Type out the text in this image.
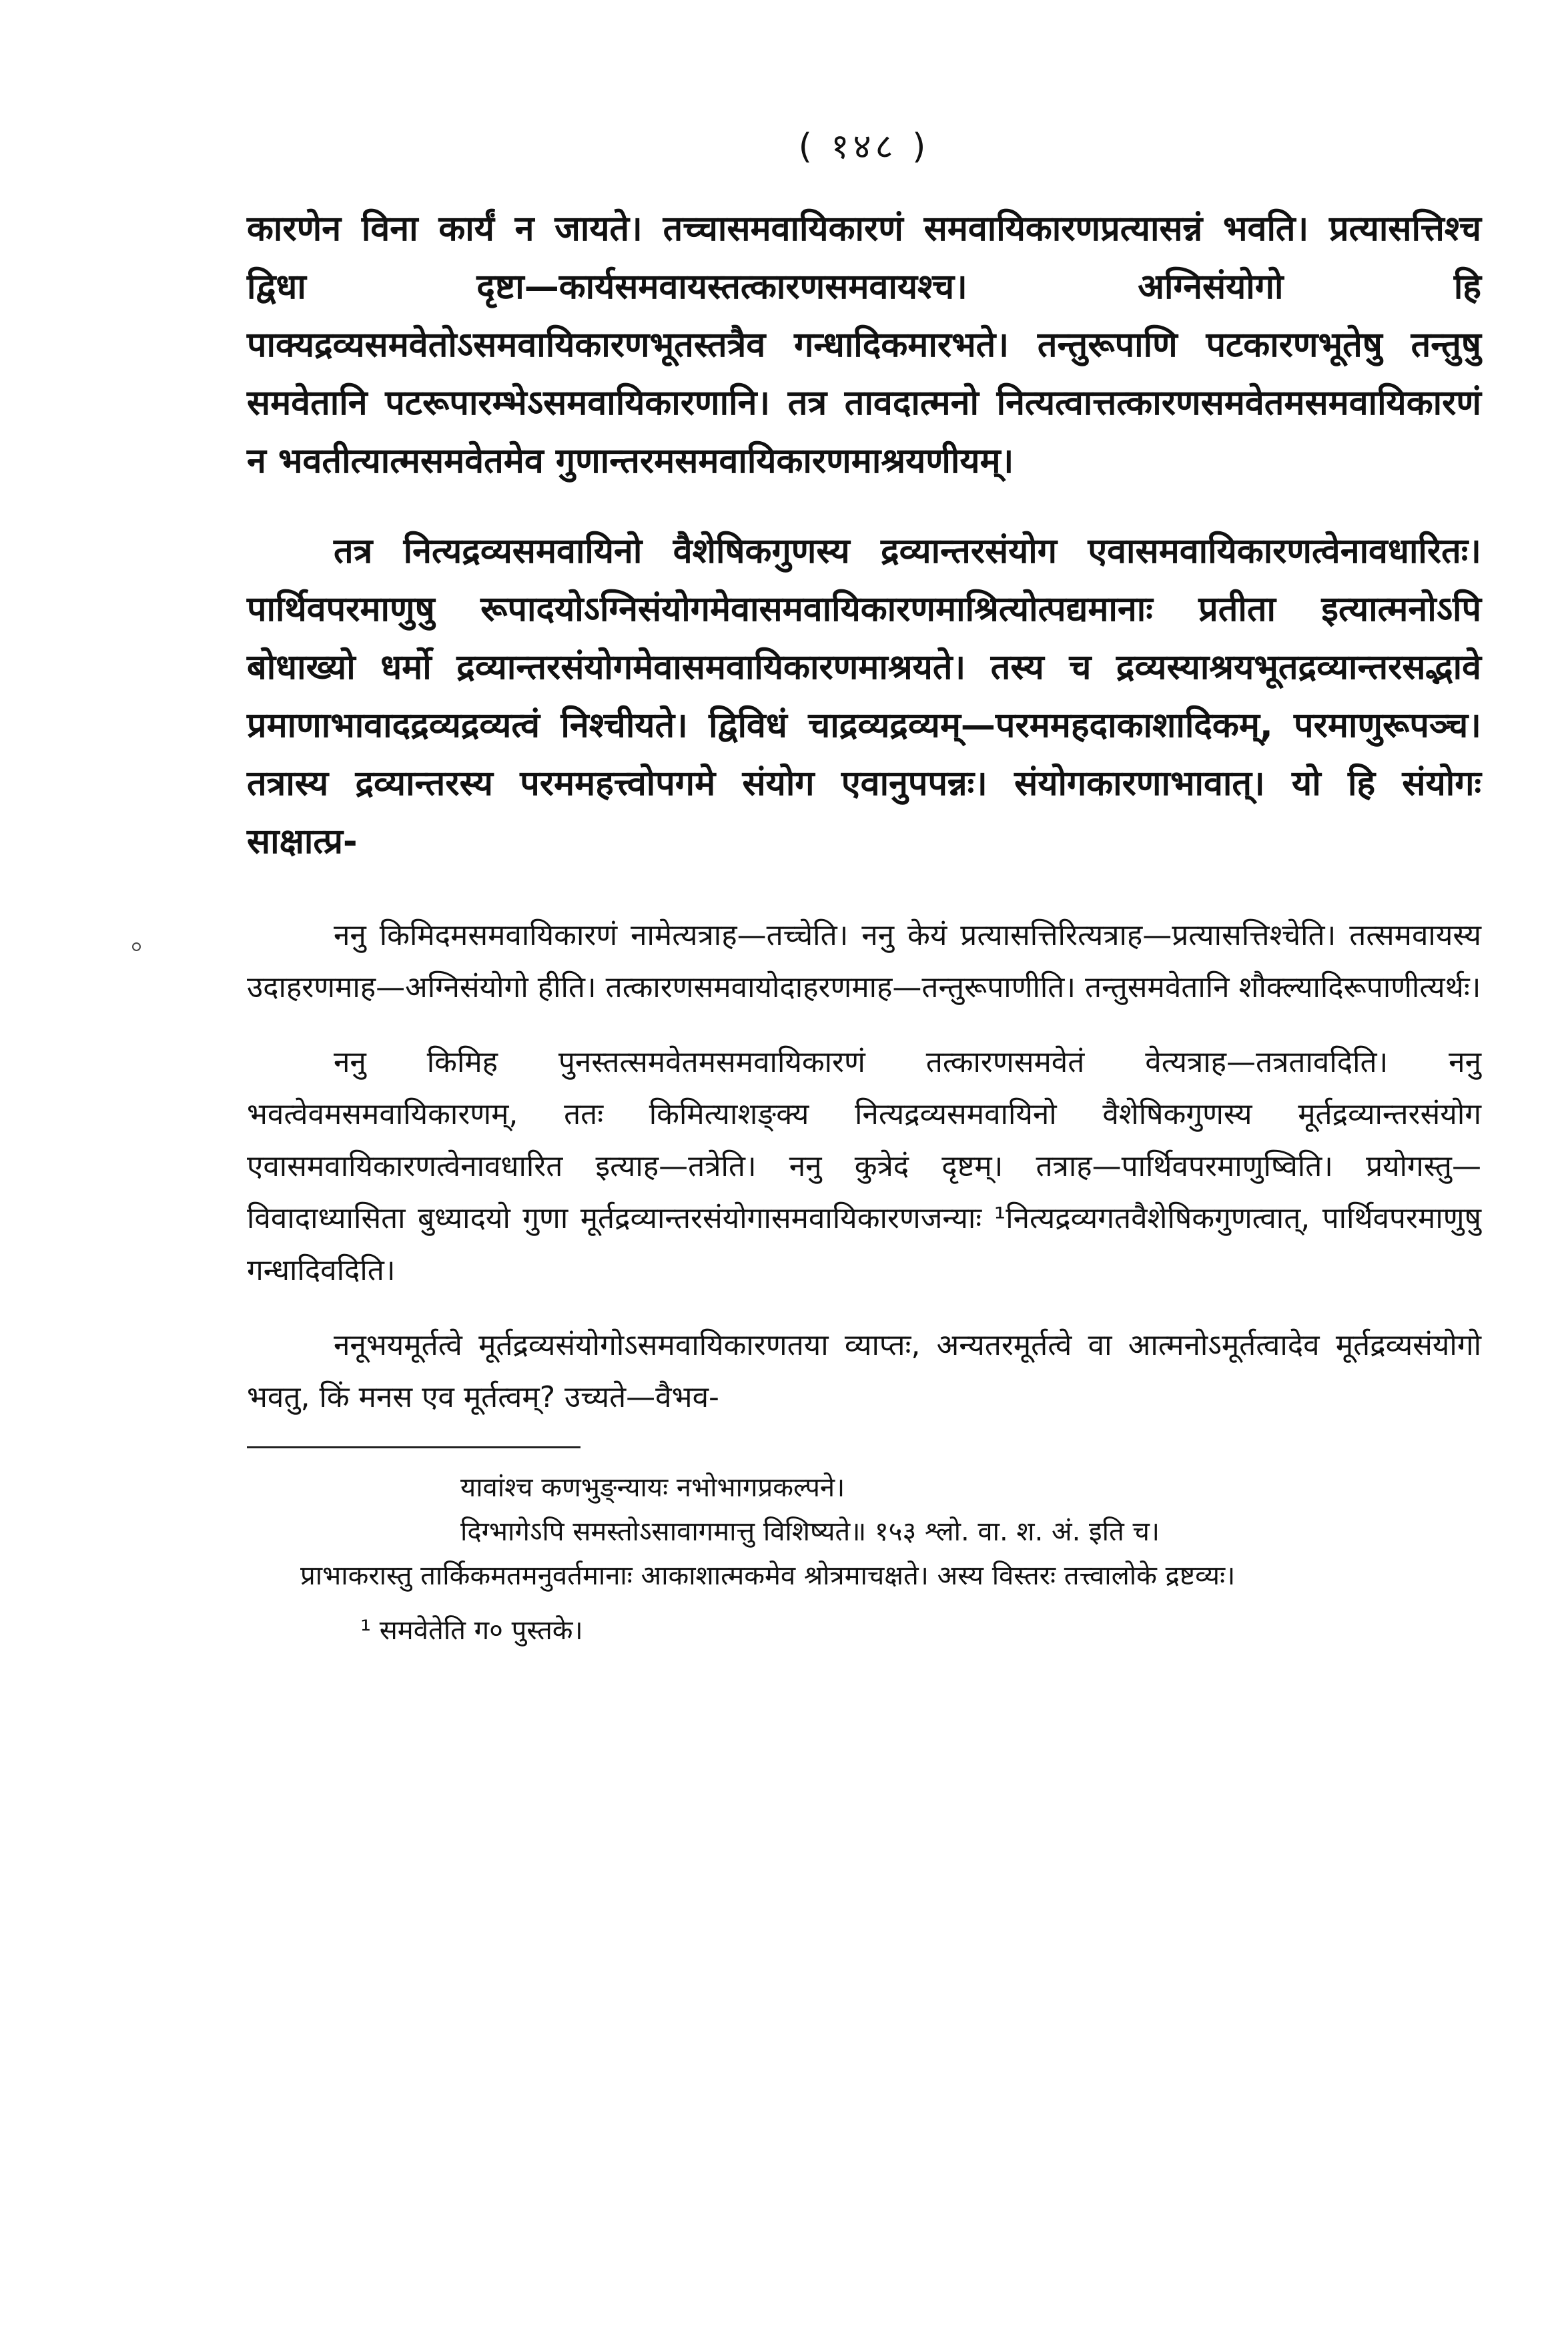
( १४८ )

कारणेन विना कार्यं न जायते। तच्चासमवायिकारणं समवायिकारणप्रत्यासन्नं भवति। प्रत्यासत्तिश्च द्विधा दृष्टा—कार्यसमवायस्तत्कारणसमवायश्च। अग्निसंयोगो हि पाक्यद्रव्यसमवेतोऽसमवायिकारणभूतस्तत्रैव गन्धादिकमारभते। तन्तुरूपाणि पटकारणभूतेषु तन्तुषु समवेतानि पटरूपारम्भेऽसमवायिकारणानि। तत्र तावदात्मनो नित्यत्वात्तत्कारणसमवेतमसमवायिकारणं न भवतीत्यात्मसमवेतमेव गुणान्तरमसमवायिकारणमाश्रयणीयम्।

तत्र नित्यद्रव्यसमवायिनो वैशेषिकगुणस्य द्रव्यान्तरसंयोग एवासमवायिकारणत्वेनावधारितः। पार्थिवपरमाणुषु रूपादयोऽग्निसंयोगमेवासमवायिकारणमाश्रित्योत्पद्यमानाः प्रतीता इत्यात्मनोऽपि बोधाख्यो धर्मो द्रव्यान्तरसंयोगमेवासमवायिकारणमाश्रयते। तस्य च द्रव्यस्याश्रयभूतद्रव्यान्तरसद्भावे प्रमाणाभावादद्रव्यद्रव्यत्वं निश्चीयते। द्विविधं चाद्रव्यद्रव्यम्—परममहदाकाशादिकम्, परमाणुरूपञ्च। तत्रास्य द्रव्यान्तरस्य परममहत्त्वोपगमे संयोग एवानुपपन्नः। संयोगकारणाभावात्। यो हि संयोगः साक्षात्प्र-

ननु किमिदमसमवायिकारणं नामेत्यत्राह—तच्चेति। ननु केयं प्रत्यासत्तिरित्यत्राह—प्रत्यासत्तिश्चेति। तत्समवायस्य उदाहरणमाह—अग्निसंयोगो हीति। तत्कारणसमवायोदाहरणमाह—तन्तुरूपाणीति। तन्तुसमवेतानि शौक्ल्यादिरूपाणीत्यर्थः।

ननु किमिह पुनस्तत्समवेतमसमवायिकारणं तत्कारणसमवेतं वेत्यत्राह—तत्रतावदिति। ननु भवत्वेवमसमवायिकारणम्, ततः किमित्याशङ्क्य नित्यद्रव्यसमवायिनो वैशेषिकगुणस्य मूर्तद्रव्यान्तरसंयोग एवासमवायिकारणत्वेनावधारित इत्याह—तत्रेति। ननु कुत्रेदं दृष्टम्। तत्राह—पार्थिवपरमाणुष्विति। प्रयोगस्तु—विवादाध्यासिता बुध्यादयो गुणा मूर्तद्रव्यान्तरसंयोगासमवायिकारणजन्याः ¹नित्यद्रव्यगतवैशेषिकगुणत्वात्, पार्थिवपरमाणुषु गन्धादिवदिति।

ननूभयमूर्तत्वे मूर्तद्रव्यसंयोगोऽसमवायिकारणतया व्याप्तः, अन्यतरमूर्तत्वे वा आत्मनोऽमूर्तत्वादेव मूर्तद्रव्यसंयोगो भवतु, किं मनस एव मूर्तत्वम्? उच्यते—वैभव-

यावांश्च कणभुङ्न्यायः नभोभागप्रकल्पने।

दिग्भागेऽपि समस्तोऽसावागमात्तु विशिष्यते॥ १५३ श्लो. वा. श. अं. इति च।

प्राभाकरास्तु तार्किकमतमनुवर्तमानाः आकाशात्मकमेव श्रोत्रमाचक्षते। अस्य विस्तरः तत्त्वालोके द्रष्टव्यः।

¹ समवेतेति ग० पुस्तके।
